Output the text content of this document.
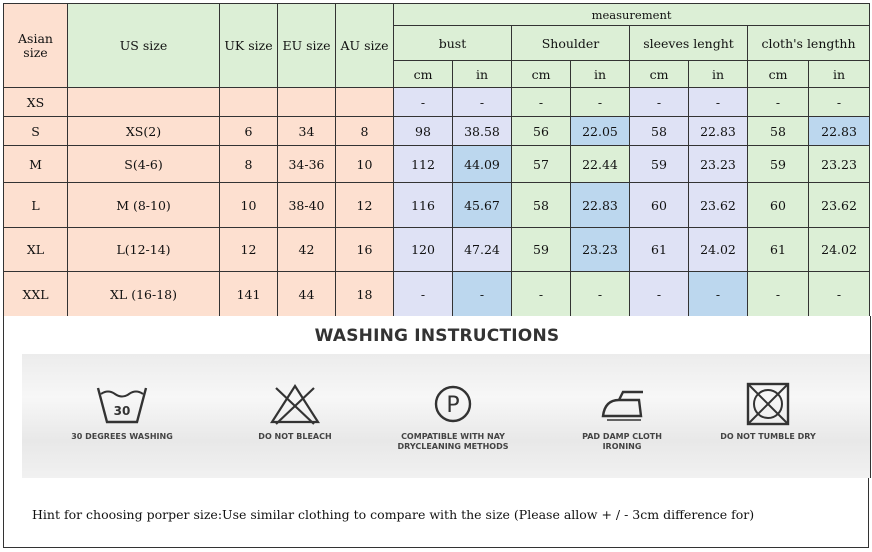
Asian size	US size	UK size	EU size	AU size	measurement							
					bust		Shoulder		sleeves lenght		cloth's lengthh	
					cm	in	cm	in	cm	in	cm	in
XS					-	-	-	-	-	-	-	-
S	XS(2)	6	34	8	98	38.58	56	22.05	58	22.83	58	22.83
M	S(4-6)	8	34-36	10	112	44.09	57	22.44	59	23.23	59	23.23
L	M (8-10)	10	38-40	12	116	45.67	58	22.83	60	23.62	60	23.62
XL	L(12-14)	12	42	16	120	47.24	59	23.23	61	24.02	61	24.02
XXL	XL (16-18)	141	44	18	-	-	-	-	-	-	-	-
WASHING INSTRUCTIONS
30
30 DEGREES WASHING	DO NOT BLEACH
P
COMPATIBLE WITH NAY
DRYCLEANING METHODS
PAD DAMP CLOTH
IRONING
DO NOT TUMBLE DRY
Hint for choosing porper size:Use similar clothing to compare with the size (Please allow + / - 3cm difference for)
